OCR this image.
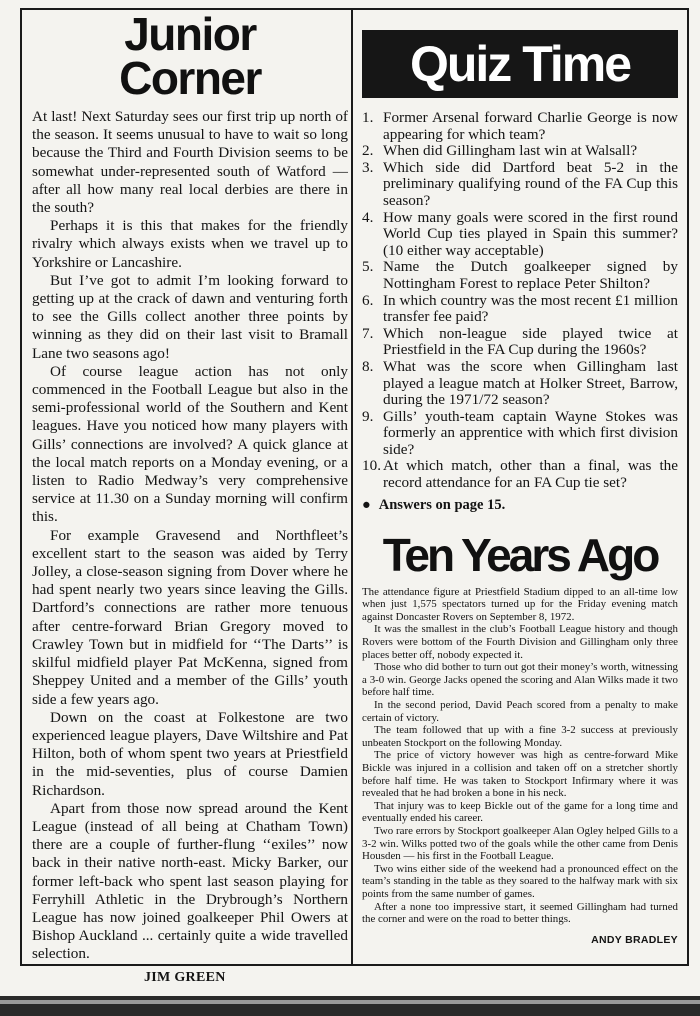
Junior
Corner

At last! Next Saturday sees our first trip up north of the season. It seems unusual to have to wait so long because the Third and Fourth Division seems to be somewhat under-represented south of Watford — after all how many real local derbies are there in the south?

Perhaps it is this that makes for the friendly rivalry which always exists when we travel up to Yorkshire or Lancashire.

But I’ve got to admit I’m looking forward to getting up at the crack of dawn and venturing forth to see the Gills collect another three points by winning as they did on their last visit to Bramall Lane two seasons ago!

Of course league action has not only commenced in the Football League but also in the semi-professional world of the Southern and Kent leagues. Have you noticed how many players with Gills’ connections are involved? A quick glance at the local match reports on a Monday evening, or a listen to Radio Medway’s very comprehensive service at 11.30 on a Sunday morning will confirm this.

For example Gravesend and Northfleet’s excellent start to the season was aided by Terry Jolley, a close-season signing from Dover where he had spent nearly two years since leaving the Gills. Dartford’s connections are rather more tenuous after centre-forward Brian Gregory moved to Crawley Town but in midfield for ‘‘The Darts’’ is skilful midfield player Pat McKenna, signed from Sheppey United and a member of the Gills’ youth side a few years ago.

Down on the coast at Folkestone are two experienced league players, Dave Wiltshire and Pat Hilton, both of whom spent two years at Priestfield in the mid-seventies, plus of course Damien Richardson.

Apart from those now spread around the Kent League (instead of all being at Chatham Town) there are a couple of further-flung ‘‘exiles’’ now back in their native north-east. Micky Barker, our former left-back who spent last season playing for Ferryhill Athletic in the Drybrough’s Northern League has now joined goalkeeper Phil Owers at Bishop Auckland ... certainly quite a wide travelled selection.

JIM GREEN
Quiz Time
1. Former Arsenal forward Charlie George is now appearing for which team?
2. When did Gillingham last win at Walsall?
3. Which side did Dartford beat 5-2 in the preliminary qualifying round of the FA Cup this season?
4. How many goals were scored in the first round World Cup ties played in Spain this summer? (10 either way acceptable)
5. Name the Dutch goalkeeper signed by Nottingham Forest to replace Peter Shilton?
6. In which country was the most recent £1 million transfer fee paid?
7. Which non-league side played twice at Priestfield in the FA Cup during the 1960s?
8. What was the score when Gillingham last played a league match at Holker Street, Barrow, during the 1971/72 season?
9. Gills’ youth-team captain Wayne Stokes was formerly an apprentice with which first division side?
10. At which match, other than a final, was the record attendance for an FA Cup tie set?
● Answers on page 15.
Ten Years Ago

The attendance figure at Priestfield Stadium dipped to an all-time low when just 1,575 spectators turned up for the Friday evening match against Doncaster Rovers on September 8, 1972.

It was the smallest in the club’s Football League history and though Rovers were bottom of the Fourth Division and Gillingham only three places better off, nobody expected it.

Those who did bother to turn out got their money’s worth, witnessing a 3-0 win. George Jacks opened the scoring and Alan Wilks made it two before half time.

In the second period, David Peach scored from a penalty to make certain of victory.

The team followed that up with a fine 3-2 success at previously unbeaten Stockport on the following Monday.

The price of victory however was high as centre-forward Mike Bickle was injured in a collision and taken off on a stretcher shortly before half time. He was taken to Stockport Infirmary where it was revealed that he had broken a bone in his neck.

That injury was to keep Bickle out of the game for a long time and eventually ended his career.

Two rare errors by Stockport goalkeeper Alan Ogley helped Gills to a 3-2 win. Wilks potted two of the goals while the other came from Denis Housden — his first in the Football League.

Two wins either side of the weekend had a pronounced effect on the team’s standing in the table as they soared to the halfway mark with six points from the same number of games.

After a none too impressive start, it seemed Gillingham had turned the corner and were on the road to better things.

ANDY BRADLEY
